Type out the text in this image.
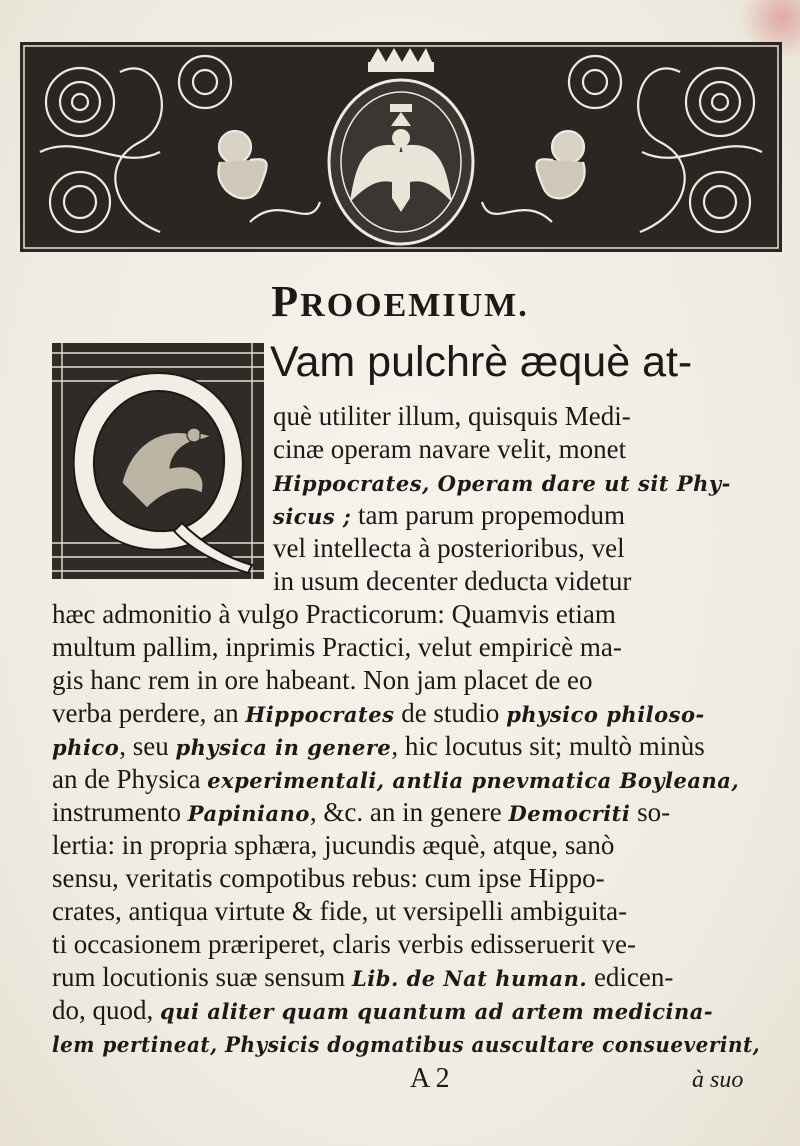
PROOEMIUM.
Q
Vam pulchrè æquè at-
què utiliter illum, quisquis Medi-
cinæ operam navare velit, monet
Hippocrates, Operam dare ut sit Phy-
sicus ; tam parum propemodum
vel intellecta à posterioribus, vel
in usum decenter deducta videtur
hæc admonitio à vulgo Practicorum: Quamvis etiam
multum pallim, inprimis Practici, velut empiricè ma-
gis hanc rem in ore habeant. Non jam placet de eo
verba perdere, an Hippocrates de studio physico philoso-
phico, seu physica in genere, hic locutus sit; multò minùs
an de Physica experimentali, antlia pnevmatica Boyleana,
instrumento Papiniano, &c. an in genere Democriti so-
lertia: in propria sphæra, jucundis æquè, atque, sanò
sensu, veritatis compotibus rebus: cum ipse Hippo-
crates, antiqua virtute & fide, ut versipelli ambiguita-
ti occasionem præriperet, claris verbis edisseruerit ve-
rum locutionis suæ sensum Lib. de Nat human. edicen-
do, quod, qui aliter quam quantum ad artem medicina-
lem pertineat, Physicis dogmatibus auscultare consueverint,
A 2	à suo
